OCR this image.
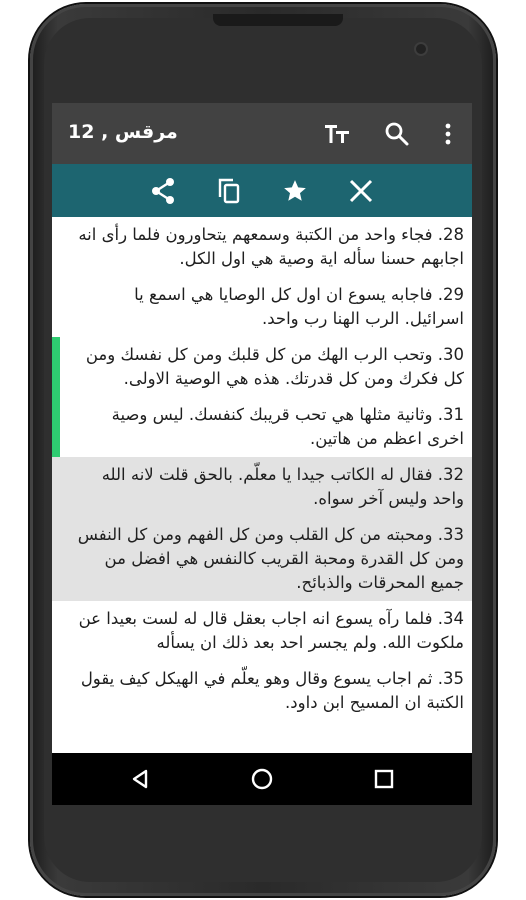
مرقس , 12
28. فجاء واحد من الكتبة وسمعهم يتحاورون فلما رأى انه اجابهم حسنا سأله اية وصية هي اول الكل.
29. فاجابه يسوع ان اول كل الوصايا هي اسمع يا اسرائيل. الرب الهنا رب واحد.
30. وتحب الرب الهك من كل قلبك ومن كل نفسك ومن كل فكرك ومن كل قدرتك. هذه هي الوصية الاولى.
31. وثانية مثلها هي تحب قريبك كنفسك. ليس وصية اخرى اعظم من هاتين.
32. فقال له الكاتب جيدا يا معلّم. بالحق قلت لانه الله واحد وليس آخر سواه.
33. ومحبته من كل القلب ومن كل الفهم ومن كل النفس ومن كل القدرة ومحبة القريب كالنفس هي افضل من جميع المحرقات والذبائح.
34. فلما رآه يسوع انه اجاب بعقل قال له لست بعيدا عن ملكوت الله. ولم يجسر احد بعد ذلك ان يسأله
35. ثم اجاب يسوع وقال وهو يعلّم في الهيكل كيف يقول الكتبة ان المسيح ابن داود.
